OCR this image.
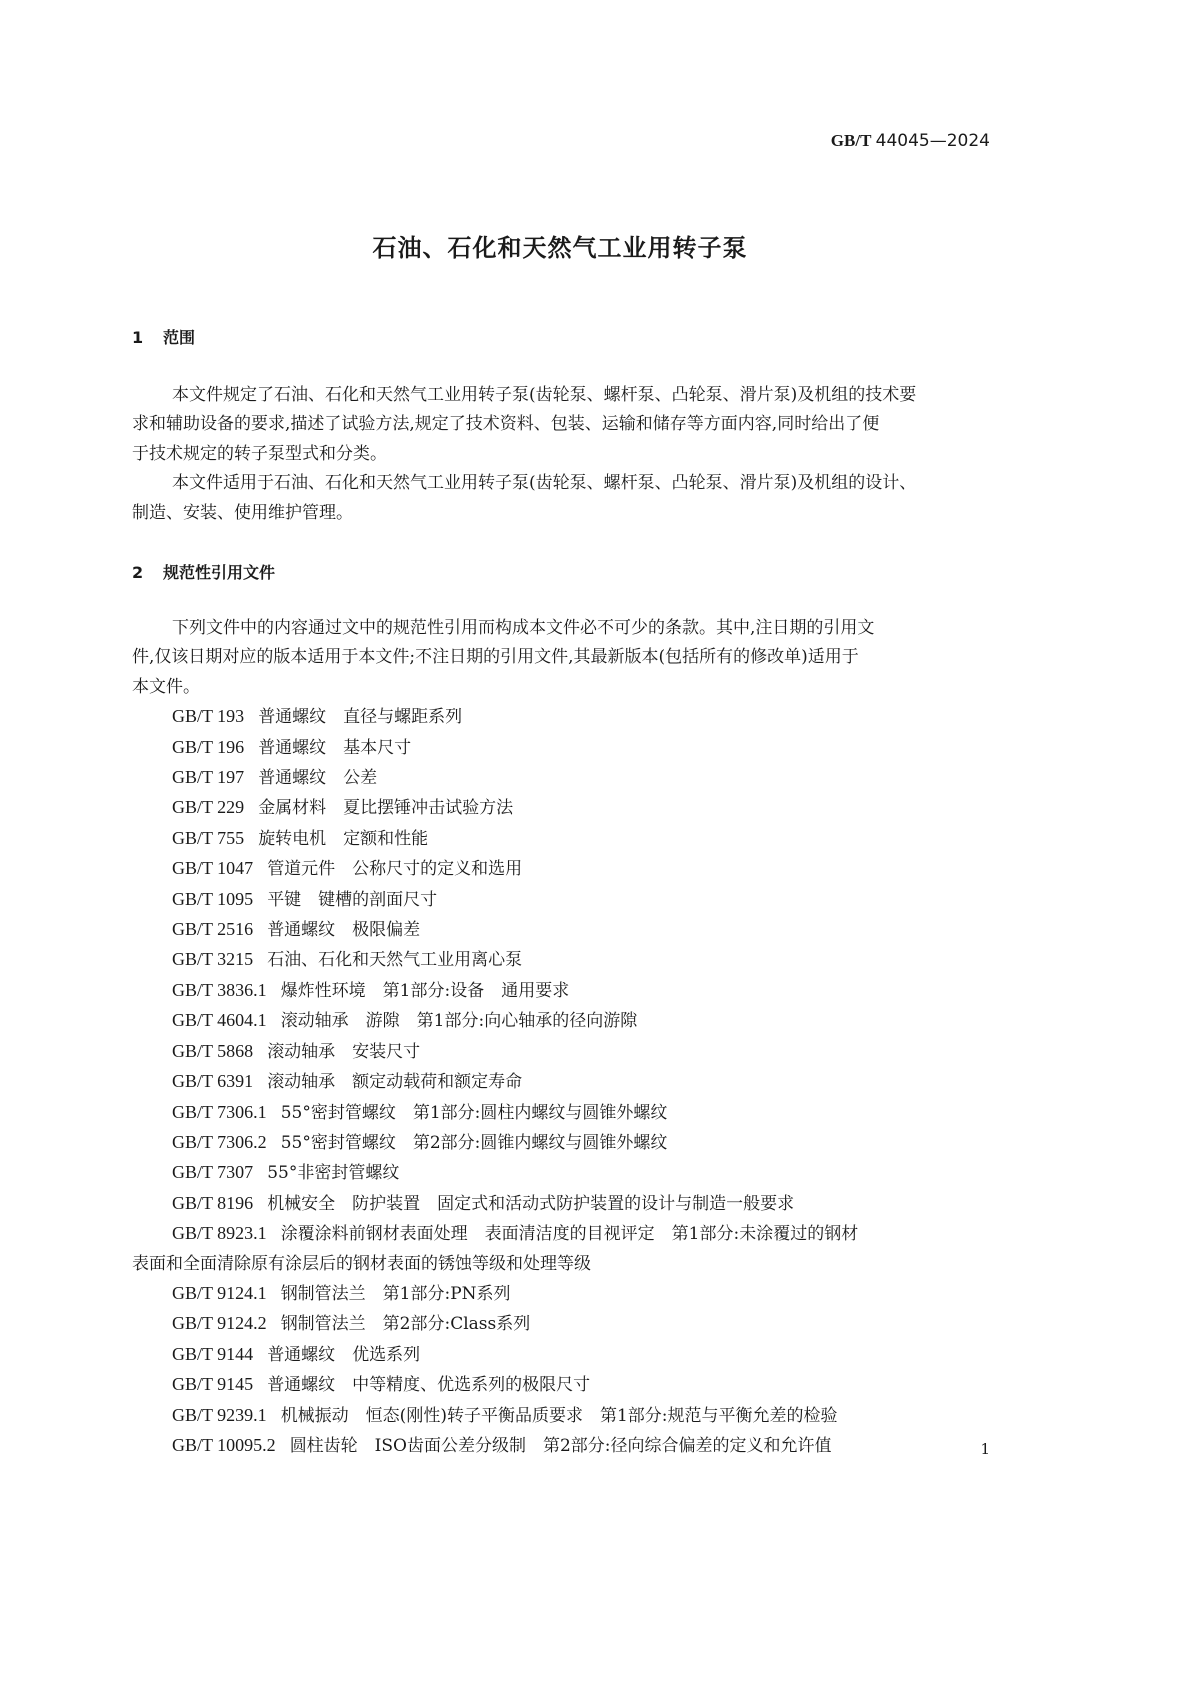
GB/T 44045—2024
石油、石化和天然气工业用转子泵
1 范围
本文件规定了石油、石化和天然气工业用转子泵(齿轮泵、螺杆泵、凸轮泵、滑片泵)及机组的技术要
求和辅助设备的要求,描述了试验方法,规定了技术资料、包装、运输和储存等方面内容,同时给出了便
于技术规定的转子泵型式和分类。
本文件适用于石油、石化和天然气工业用转子泵(齿轮泵、螺杆泵、凸轮泵、滑片泵)及机组的设计、
制造、安装、使用维护管理。
2 规范性引用文件
下列文件中的内容通过文中的规范性引用而构成本文件必不可少的条款。其中,注日期的引用文
件,仅该日期对应的版本适用于本文件;不注日期的引用文件,其最新版本(包括所有的修改单)适用于
本文件。
GB/T 193 普通螺纹　直径与螺距系列
GB/T 196 普通螺纹　基本尺寸
GB/T 197 普通螺纹　公差
GB/T 229 金属材料　夏比摆锤冲击试验方法
GB/T 755 旋转电机　定额和性能
GB/T 1047 管道元件　公称尺寸的定义和选用
GB/T 1095 平键　键槽的剖面尺寸
GB/T 2516 普通螺纹　极限偏差
GB/T 3215 石油、石化和天然气工业用离心泵
GB/T 3836.1 爆炸性环境　第1部分:设备　通用要求
GB/T 4604.1 滚动轴承　游隙　第1部分:向心轴承的径向游隙
GB/T 5868 滚动轴承　安装尺寸
GB/T 6391 滚动轴承　额定动载荷和额定寿命
GB/T 7306.1 55°密封管螺纹　第1部分:圆柱内螺纹与圆锥外螺纹
GB/T 7306.2 55°密封管螺纹　第2部分:圆锥内螺纹与圆锥外螺纹
GB/T 7307 55°非密封管螺纹
GB/T 8196 机械安全　防护装置　固定式和活动式防护装置的设计与制造一般要求
GB/T 8923.1 涂覆涂料前钢材表面处理　表面清洁度的目视评定　第1部分:未涂覆过的钢材
表面和全面清除原有涂层后的钢材表面的锈蚀等级和处理等级
GB/T 9124.1 钢制管法兰　第1部分:PN系列
GB/T 9124.2 钢制管法兰　第2部分:Class系列
GB/T 9144 普通螺纹　优选系列
GB/T 9145 普通螺纹　中等精度、优选系列的极限尺寸
GB/T 9239.1 机械振动　恒态(刚性)转子平衡品质要求　第1部分:规范与平衡允差的检验
GB/T 10095.2 圆柱齿轮　ISO齿面公差分级制　第2部分:径向综合偏差的定义和允许值	1
